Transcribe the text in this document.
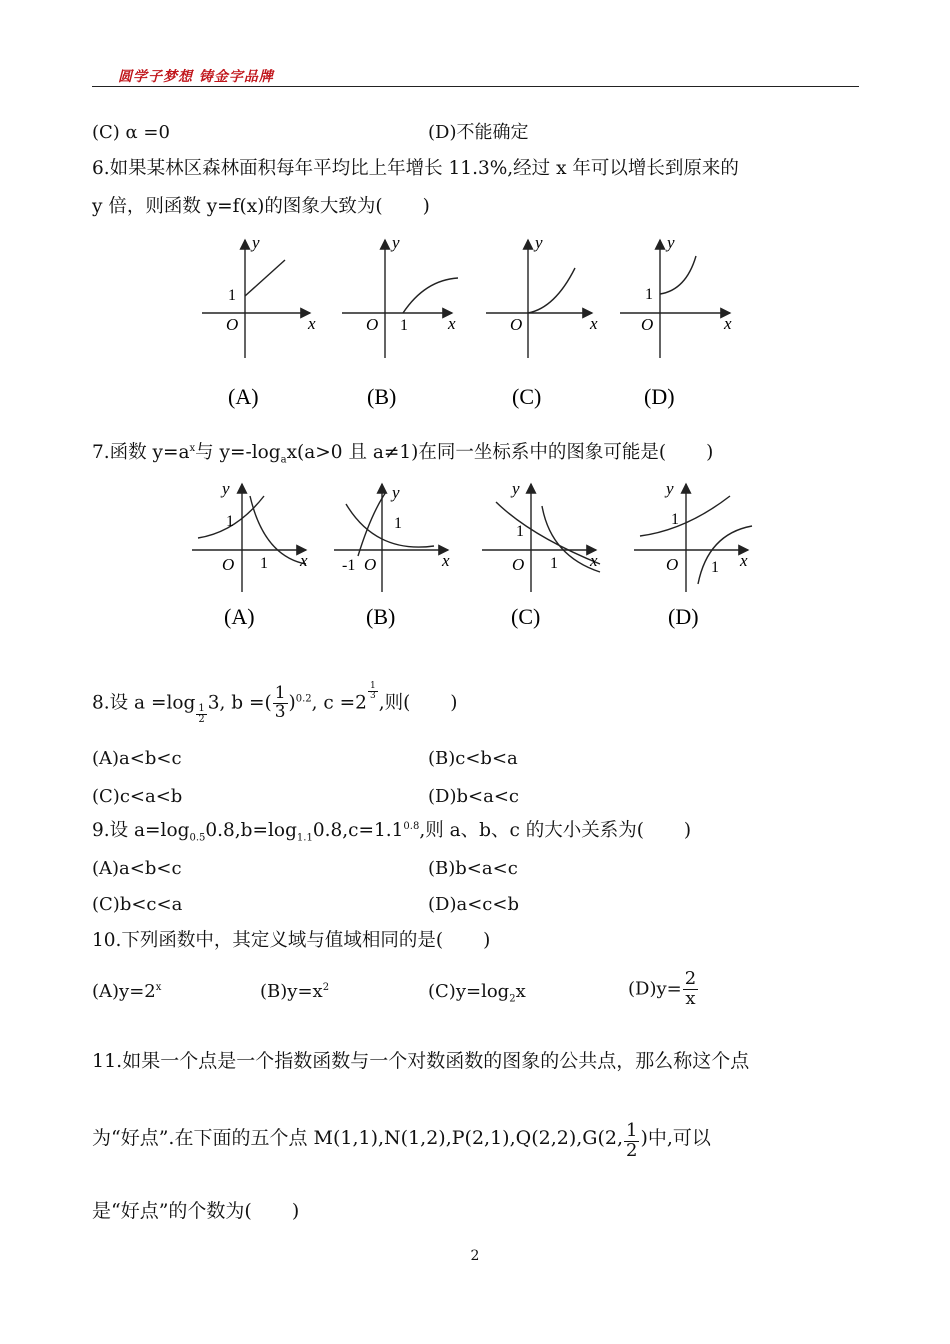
圆学子梦想 铸金字品牌
(C) α =0	(D)不能确定
6.如果某林区森林面积每年平均比上年增长 11.3%,经过 x 年可以增长到原来的
y 倍，则函数 y=f(x)的图象大致为( )
y
1
O	x
(A)
y
O 1 x
(B)
y
O	x
(C)
y
1
O	x
(D)
7.函数 $y=a^x$与 $y=-\log_ax(a>0$ 且 a≠1)在同一坐标系中的图象可能是( )
y
1
O 1 x
(A)
y
1
-1 O	x
(B)
y
1
O 1 x
(C)
y
1
O 1 x
(D)
8.设 a =log
$\frac{1}{2}$
3, b =( $\frac{1}{3} )^{0.2}$, c =2
$\frac{1}{3}$
,则( )
(A)a<b<c	(B)c<b<a
(C)c<a<b	(D)b<a<c
9.设 $a=\log_{0.5}0.8,b=\log_{1.1}0.8,c=1.1^{0.8}$,则 a、b、c 的大小关系为( )
(A)a<b<c	(B)b<a<c
(C)b<c<a	(D)a<c<b
10.下列函数中，其定义域与值域相同的是( )
$(A)y=2^x$	$(B)y=x^2$	$(C)y=\log_2x$	$(D)y= \frac{2}{x}$
11.如果一个点是一个指数函数与一个对数函数的图象的公共点，那么称这个点
为“好点”.在下面的五个点 M(1,1),N(1,2),P(2,1),Q(2,2),G(2, $\frac{1}{2}$ )中,可以
是“好点”的个数为( )
2
